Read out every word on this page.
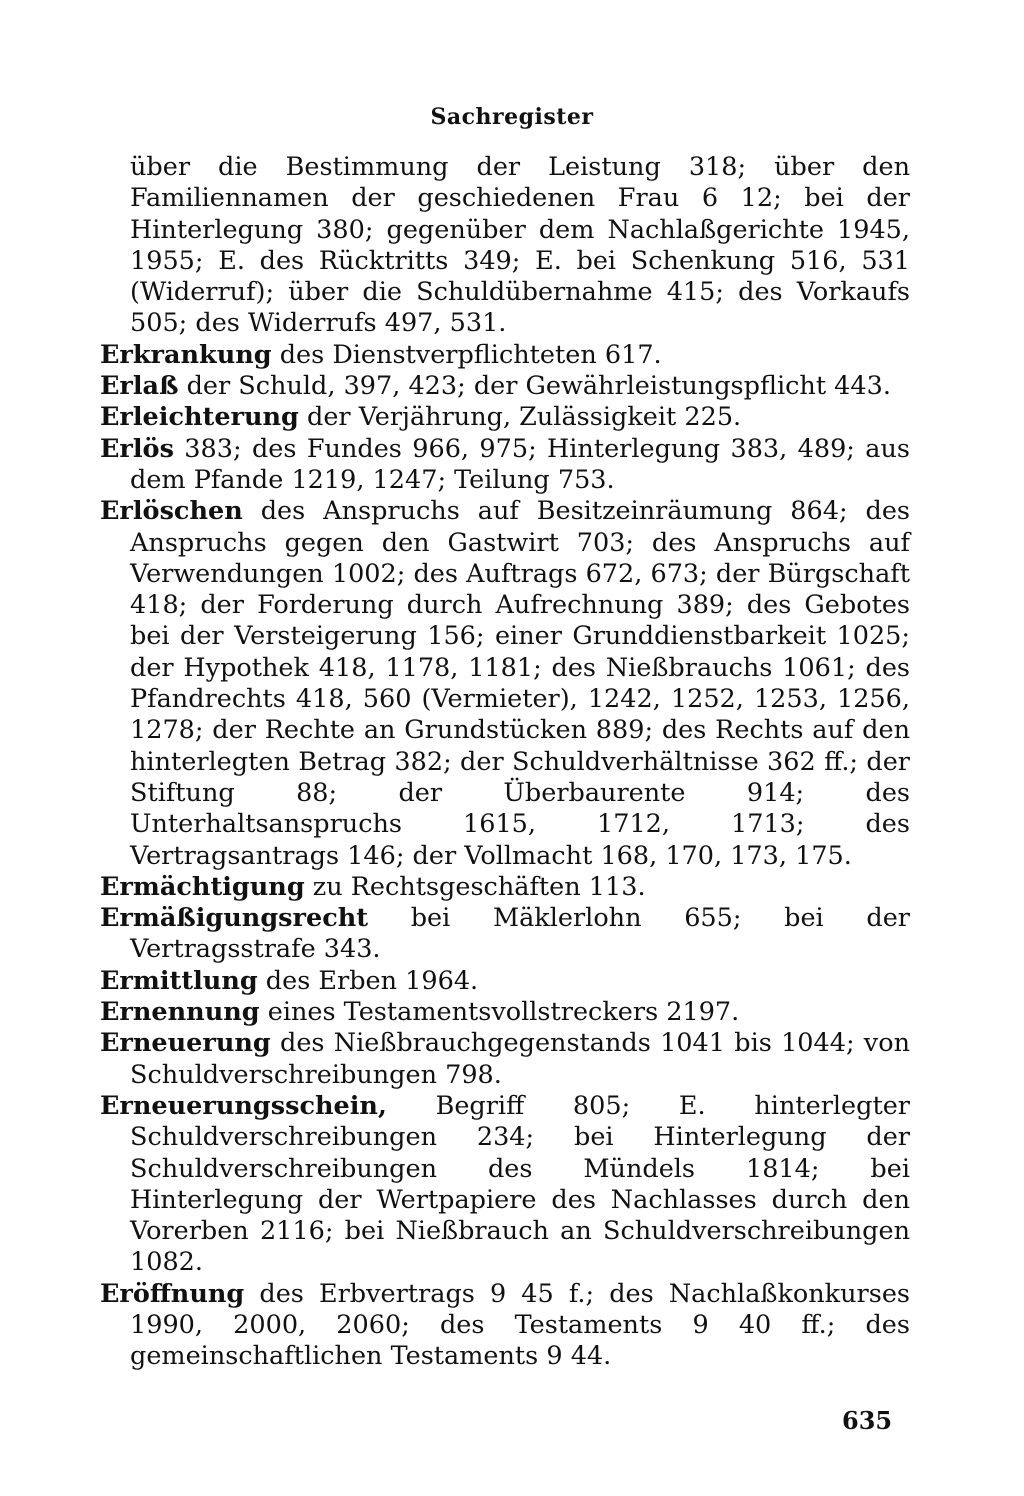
Sachregister

über die Bestimmung der Leistung 318; über den Familiennamen der geschiedenen Frau 6 12; bei der Hinterlegung 380; gegenüber dem Nachlaßgerichte 1945, 1955; E. des Rücktritts 349; E. bei Schenkung 516, 531 (Widerruf); über die Schuldübernahme 415; des Vorkaufs 505; des Widerrufs 497, 531.

Erkrankung des Dienstverpflichteten 617.

Erlaß der Schuld, 397, 423; der Gewährleistungspflicht 443.

Erleichterung der Verjährung, Zulässigkeit 225.

Erlös 383; des Fundes 966, 975; Hinterlegung 383, 489; aus dem Pfande 1219, 1247; Teilung 753.

Erlöschen des Anspruchs auf Besitzeinräumung 864; des Anspruchs gegen den Gastwirt 703; des Anspruchs auf Verwendungen 1002; des Auftrags 672, 673; der Bürgschaft 418; der Forderung durch Aufrechnung 389; des Gebotes bei der Versteigerung 156; einer Grunddienstbarkeit 1025; der Hypothek 418, 1178, 1181; des Nießbrauchs 1061; des Pfandrechts 418, 560 (Vermieter), 1242, 1252, 1253, 1256, 1278; der Rechte an Grundstücken 889; des Rechts auf den hinterlegten Betrag 382; der Schuldverhältnisse 362 ff.; der Stiftung 88; der Überbaurente 914; des Unterhaltsanspruchs 1615, 1712, 1713; des Vertragsantrags 146; der Vollmacht 168, 170, 173, 175.

Ermächtigung zu Rechtsgeschäften 113.

Ermäßigungsrecht bei Mäklerlohn 655; bei der Vertragsstrafe 343.

Ermittlung des Erben 1964.

Ernennung eines Testamentsvollstreckers 2197.

Erneuerung des Nießbrauchgegenstands 1041 bis 1044; von Schuldverschreibungen 798.

Erneuerungsschein, Begriff 805; E. hinterlegter Schuldverschreibungen 234; bei Hinterlegung der Schuldverschreibungen des Mündels 1814; bei Hinterlegung der Wertpapiere des Nachlasses durch den Vorerben 2116; bei Nießbrauch an Schuldverschreibungen 1082.

Eröffnung des Erbvertrags 9 45 f.; des Nachlaßkonkurses 1990, 2000, 2060; des Testaments 9 40 ff.; des gemeinschaftlichen Testaments 9 44.

635
